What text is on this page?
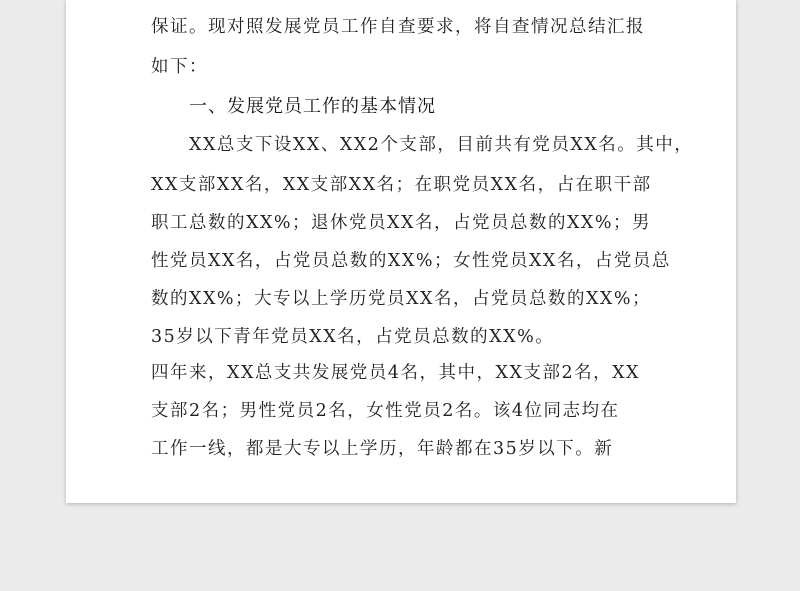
保证。现对照发展党员工作自查要求，将自查情况总结汇报
如下：
一、发展党员工作的基本情况
XX总支下设XX、XX2个支部，目前共有党员XX名。其中，
XX支部XX名，XX支部XX名；在职党员XX名，占在职干部
职工总数的XX%；退休党员XX名，占党员总数的XX%；男
性党员XX名，占党员总数的XX%；女性党员XX名，占党员总
数的XX%；大专以上学历党员XX名，占党员总数的XX%；
35岁以下青年党员XX名，占党员总数的XX%。
四年来，XX总支共发展党员4名，其中，XX支部2名，XX
支部2名；男性党员2名，女性党员2名。该4位同志均在
工作一线，都是大专以上学历，年龄都在35岁以下。新
